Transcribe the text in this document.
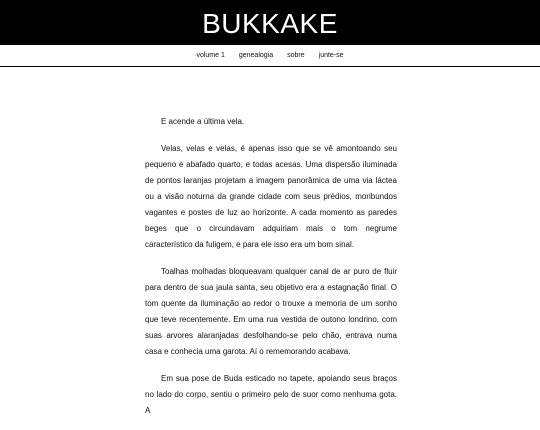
BUKKAKE
volume 1 genealogia sobre junte-se

E acende a última vela.

Velas, velas e velas, é apenas isso que se vê amontoando seu pequeno e abafado quarto, e todas acesas. Uma dispersão iluminada de pontos laranjas projetam a imagem panorâmica de uma via láctea ou a visão noturna da grande cidade com seus prédios, moribundos vagantes e postes de luz ao horizonte. A cada momento as paredes beges que o circundavam adquiriam mais o tom negrume característico da fuligem, e para ele isso era um bom sinal.

Toalhas molhadas bloqueavam qualquer canal de ar puro de fluir para dentro de sua jaula santa, seu objetivo era a estagnação final. O tom quente da iluminação ao redor o trouxe a memoria de um sonho que teve recentemente. Em uma rua vestida de outono londrino, com suas arvores alaranjadas desfolhando-se pelo chão, entrava numa casa e conhecia uma garota. Aí o rememorando acabava.

Em sua pose de Buda esticado no tapete, apoiando seus braços no lado do corpo, sentiu o primeiro pelo de suor como nenhuma gota. A
